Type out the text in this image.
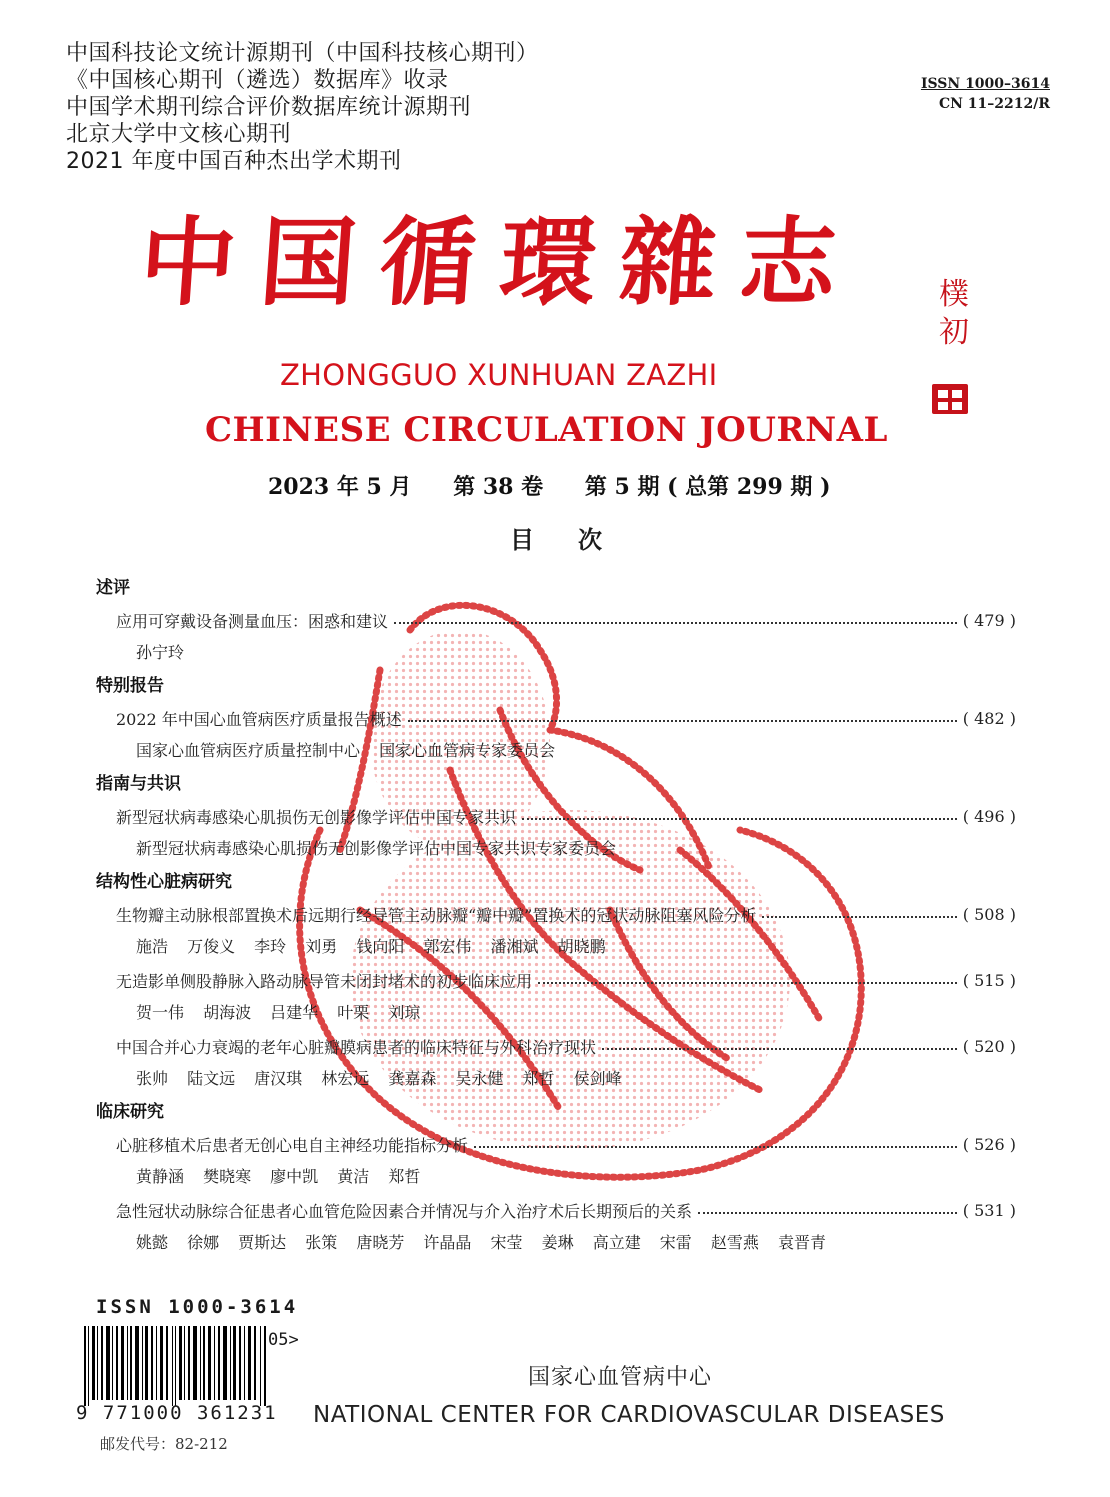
中国科技论文统计源期刊（中国科技核心期刊）
《中国核心期刊（遴选）数据库》收录
中国学术期刊综合评价数据库统计源期刊
北京大学中文核心期刊
2021 年度中国百种杰出学术期刊
ISSN 1000–3614
CN 11–2212/R
中国循環雜志	樸
初
ZHONGGUO XUNHUAN ZAZHI
CHINESE CIRCULATION JOURNAL
2023 年 5 月 第 38 卷 第 5 期 ( 总第 299 期 )
目次
述评
应用可穿戴设备测量血压：困惑和建议	( 479 )
孙宁玲
特别报告
2022 年中国心血管病医疗质量报告概述	( 482 )
国家心血管病医疗质量控制中心 国家心血管病专家委员会
指南与共识
新型冠状病毒感染心肌损伤无创影像学评估中国专家共识	( 496 )
新型冠状病毒感染心肌损伤无创影像学评估中国专家共识专家委员会
结构性心脏病研究
生物瓣主动脉根部置换术后远期行经导管主动脉瓣“瓣中瓣”置换术的冠状动脉阻塞风险分析	( 508 )
施浩 万俊义 李玲 刘勇 钱向阳 郭宏伟 潘湘斌 胡晓鹏
无造影单侧股静脉入路动脉导管未闭封堵术的初步临床应用	( 515 )
贺一伟 胡海波 吕建华 叶栗 刘琼
中国合并心力衰竭的老年心脏瓣膜病患者的临床特征与外科治疗现状	( 520 )
张帅 陆文远 唐汉琪 林宏远 龚嘉森 吴永健 郑哲 侯剑峰
临床研究
心脏移植术后患者无创心电自主神经功能指标分析	( 526 )
黄静涵 樊晓寒 廖中凯 黄洁 郑哲
急性冠状动脉综合征患者心血管危险因素合并情况与介入治疗术后长期预后的关系	( 531 )
姚懿 徐娜 贾斯达 张策 唐晓芳 许晶晶 宋莹 姜琳 高立建 宋雷 赵雪燕 袁晋青
ISSN 1000-3614
05>
9 771000 361231
邮发代号：82-212
国家心血管病中心
NATIONAL CENTER FOR CARDIOVASCULAR DISEASES
